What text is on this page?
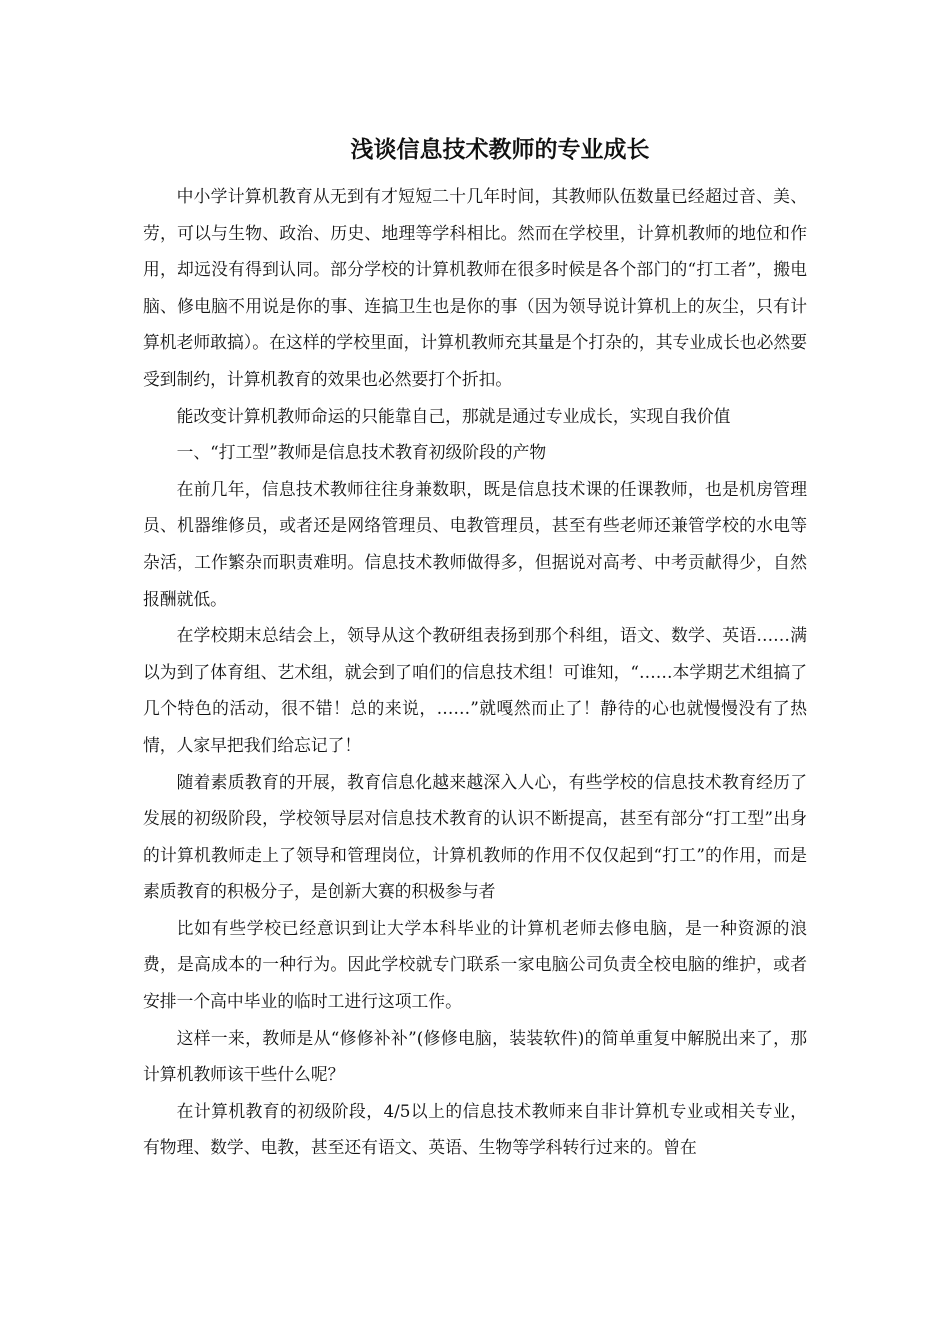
浅谈信息技术教师的专业成长

中小学计算机教育从无到有才短短二十几年时间，其教师队伍数量已经超过音、美、劳，可以与生物、政治、历史、地理等学科相比。然而在学校里，计算机教师的地位和作用，却远没有得到认同。部分学校的计算机教师在很多时候是各个部门的“打工者”，搬电脑、修电脑不用说是你的事、连搞卫生也是你的事（因为领导说计算机上的灰尘，只有计算机老师敢搞）。在这样的学校里面，计算机教师充其量是个打杂的，其专业成长也必然要受到制约，计算机教育的效果也必然要打个折扣。

能改变计算机教师命运的只能靠自己，那就是通过专业成长，实现自我价值

一、“打工型”教师是信息技术教育初级阶段的产物

在前几年，信息技术教师往往身兼数职，既是信息技术课的任课教师，也是机房管理员、机器维修员，或者还是网络管理员、电教管理员，甚至有些老师还兼管学校的水电等杂活，工作繁杂而职责难明。信息技术教师做得多，但据说对高考、中考贡献得少，自然报酬就低。

在学校期末总结会上，领导从这个教研组表扬到那个科组，语文、数学、英语……满以为到了体育组、艺术组，就会到了咱们的信息技术组！可谁知，“……本学期艺术组搞了几个特色的活动，很不错！总的来说，……”就嘎然而止了！静待的心也就慢慢没有了热情，人家早把我们给忘记了！

随着素质教育的开展，教育信息化越来越深入人心，有些学校的信息技术教育经历了发展的初级阶段，学校领导层对信息技术教育的认识不断提高，甚至有部分“打工型”出身的计算机教师走上了领导和管理岗位，计算机教师的作用不仅仅起到“打工”的作用，而是素质教育的积极分子，是创新大赛的积极参与者

比如有些学校已经意识到让大学本科毕业的计算机老师去修电脑，是一种资源的浪费，是高成本的一种行为。因此学校就专门联系一家电脑公司负责全校电脑的维护，或者安排一个高中毕业的临时工进行这项工作。

这样一来，教师是从“修修补补”(修修电脑，装装软件)的简单重复中解脱出来了，那计算机教师该干些什么呢？

在计算机教育的初级阶段，4/5以上的信息技术教师来自非计算机专业或相关专业，有物理、数学、电教，甚至还有语文、英语、生物等学科转行过来的。曾在
